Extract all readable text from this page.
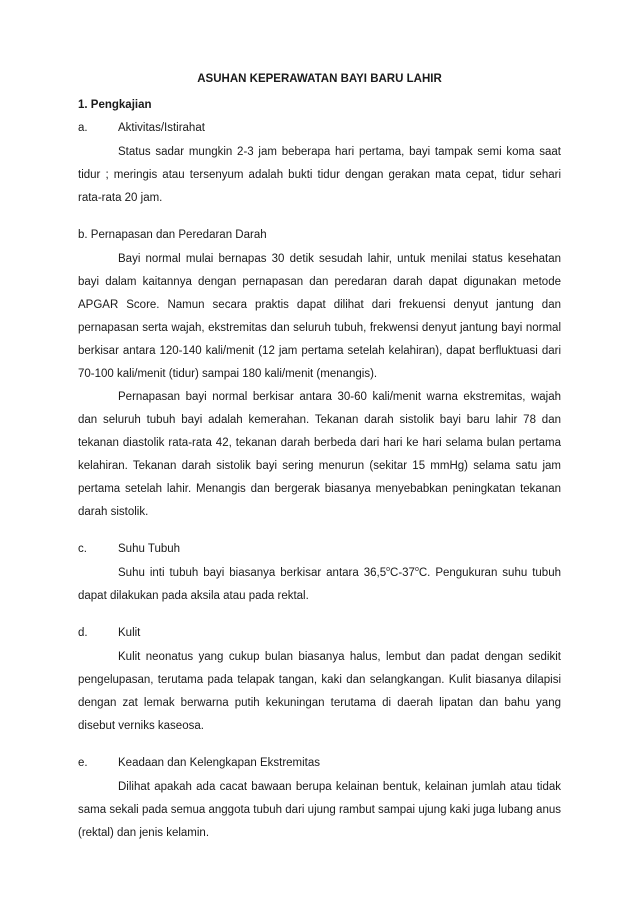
ASUHAN KEPERAWATAN BAYI BARU LAHIR
1. Pengkajian
a.	Aktivitas/Istirahat

Status sadar mungkin 2-3 jam beberapa hari pertama, bayi tampak semi koma saat tidur ; meringis atau tersenyum adalah bukti tidur dengan gerakan mata cepat, tidur sehari rata-rata 20 jam.

b. Pernapasan dan Peredaran Darah

Bayi normal mulai bernapas 30 detik sesudah lahir, untuk menilai status kesehatan bayi dalam kaitannya dengan pernapasan dan peredaran darah dapat digunakan metode APGAR Score. Namun secara praktis dapat dilihat dari frekuensi denyut jantung dan pernapasan serta wajah, ekstremitas dan seluruh tubuh, frekwensi denyut jantung bayi normal berkisar antara 120-140 kali/menit (12 jam pertama setelah kelahiran), dapat berfluktuasi dari 70-100 kali/menit (tidur) sampai 180 kali/menit (menangis).

Pernapasan bayi normal berkisar antara 30-60 kali/menit warna ekstremitas, wajah dan seluruh tubuh bayi adalah kemerahan. Tekanan darah sistolik bayi baru lahir 78 dan tekanan diastolik rata-rata 42, tekanan darah berbeda dari hari ke hari selama bulan pertama kelahiran. Tekanan darah sistolik bayi sering menurun (sekitar 15 mmHg) selama satu jam pertama setelah lahir. Menangis dan bergerak biasanya menyebabkan peningkatan tekanan darah sistolik.

c.	Suhu Tubuh

Suhu inti tubuh bayi biasanya berkisar antara 36,5$^o$C-37$^o$C. Pengukuran suhu tubuh dapat dilakukan pada aksila atau pada rektal.

d.	Kulit

Kulit neonatus yang cukup bulan biasanya halus, lembut dan padat dengan sedikit pengelupasan, terutama pada telapak tangan, kaki dan selangkangan. Kulit biasanya dilapisi dengan zat lemak berwarna putih kekuningan terutama di daerah lipatan dan bahu yang disebut verniks kaseosa.

e.	Keadaan dan Kelengkapan Ekstremitas

Dilihat apakah ada cacat bawaan berupa kelainan bentuk, kelainan jumlah atau tidak sama sekali pada semua anggota tubuh dari ujung rambut sampai ujung kaki juga lubang anus (rektal) dan jenis kelamin.
